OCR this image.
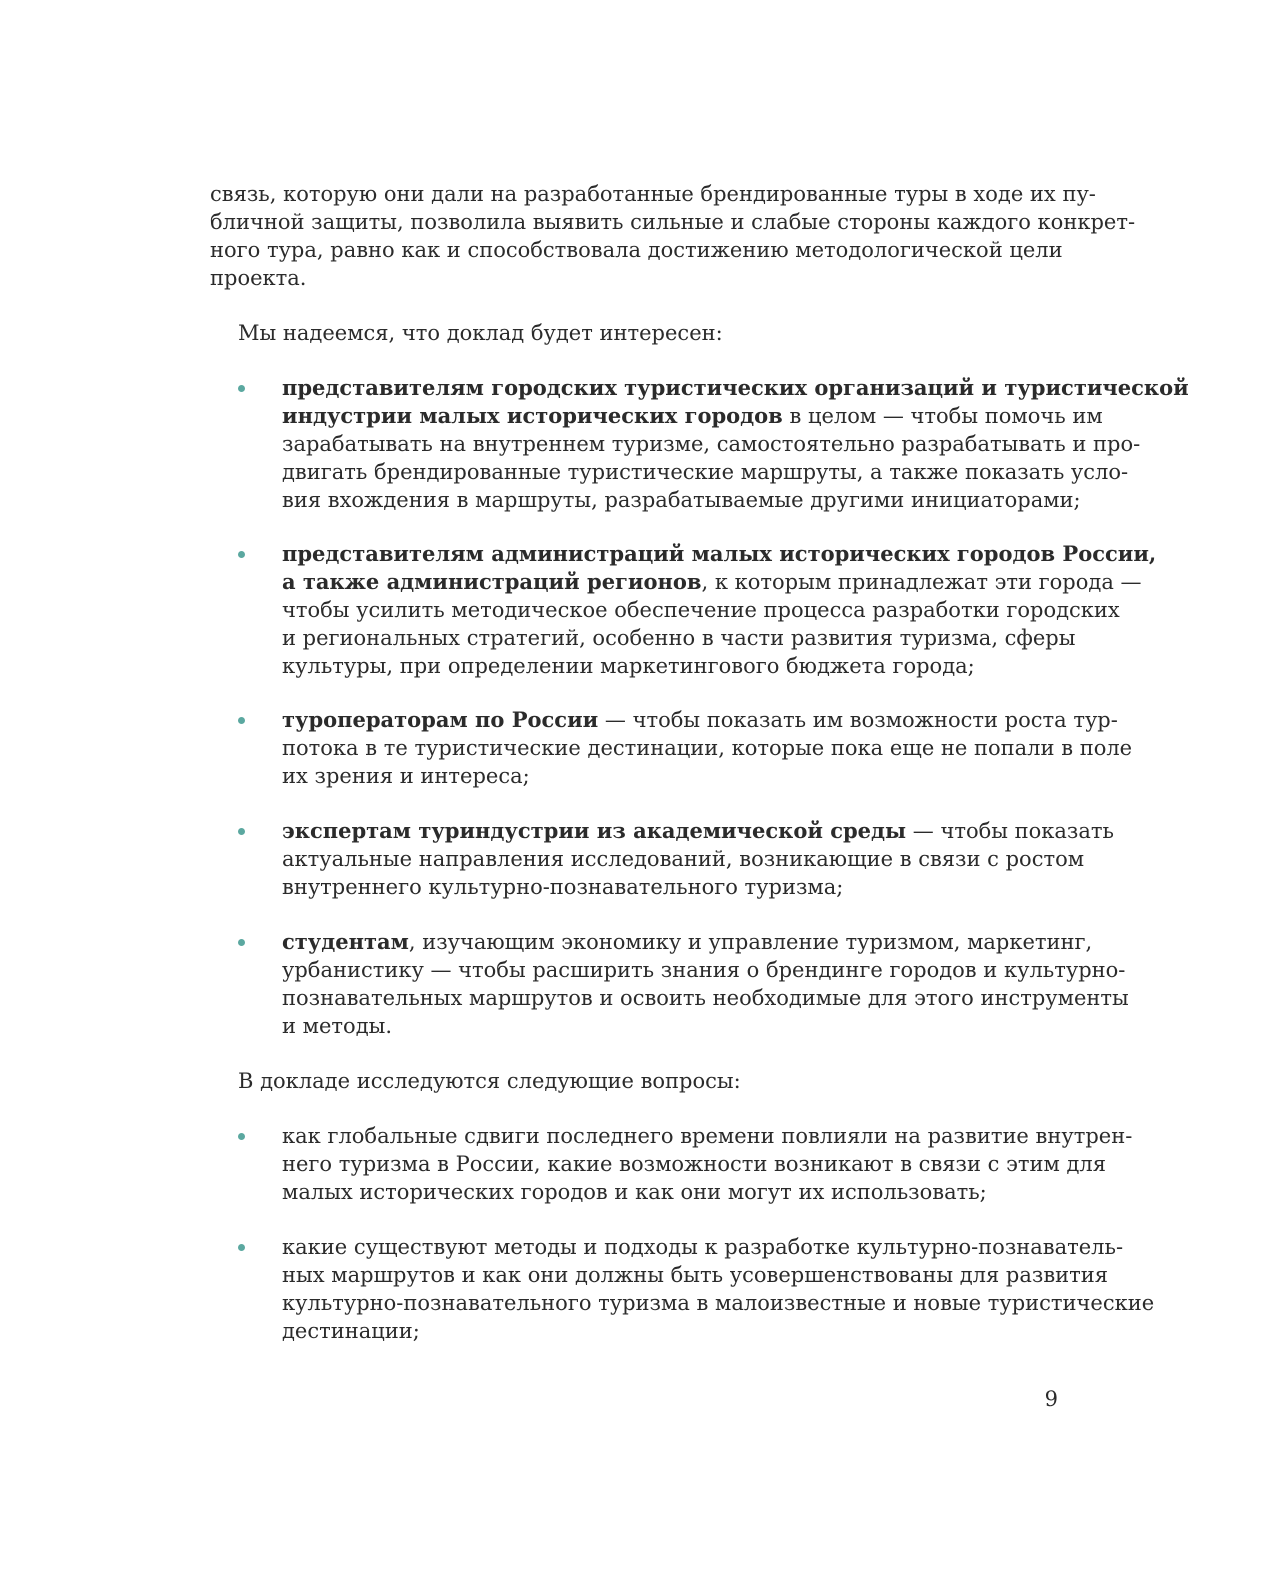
связь, которую они дали на разработанные брендированные туры в ходе их пу-
бличной защиты, позволила выявить сильные и слабые стороны каждого конкрет-
ного тура, равно как и способствовала достижению методологической цели
проекта.
Мы надеемся, что доклад будет интересен:
представителям городских туристических организаций и туристической
индустрии малых исторических городов в целом — чтобы помочь им
зарабатывать на внутреннем туризме, самостоятельно разрабатывать и про-
двигать брендированные туристические маршруты, а также показать усло-
вия вхождения в маршруты, разрабатываемые другими инициаторами;
представителям администраций малых исторических городов России,
а также администраций регионов, к которым принадлежат эти города —
чтобы усилить методическое обеспечение процесса разработки городских
и региональных стратегий, особенно в части развития туризма, сферы
культуры, при определении маркетингового бюджета города;
туроператорам по России — чтобы показать им возможности роста тур-
потока в те туристические дестинации, которые пока еще не попали в поле
их зрения и интереса;
экспертам туриндустрии из академической среды — чтобы показать
актуальные направления исследований, возникающие в связи с ростом
внутреннего культурно-познавательного туризма;
студентам, изучающим экономику и управление туризмом, маркетинг,
урбанистику — чтобы расширить знания о брендинге городов и культурно-
познавательных маршрутов и освоить необходимые для этого инструменты
и методы.
В докладе исследуются следующие вопросы:
как глобальные сдвиги последнего времени повлияли на развитие внутрен-
него туризма в России, какие возможности возникают в связи с этим для
малых исторических городов и как они могут их использовать;
какие существуют методы и подходы к разработке культурно-познаватель-
ных маршрутов и как они должны быть усовершенствованы для развития
культурно-познавательного туризма в малоизвестные и новые туристические
дестинации;
9
